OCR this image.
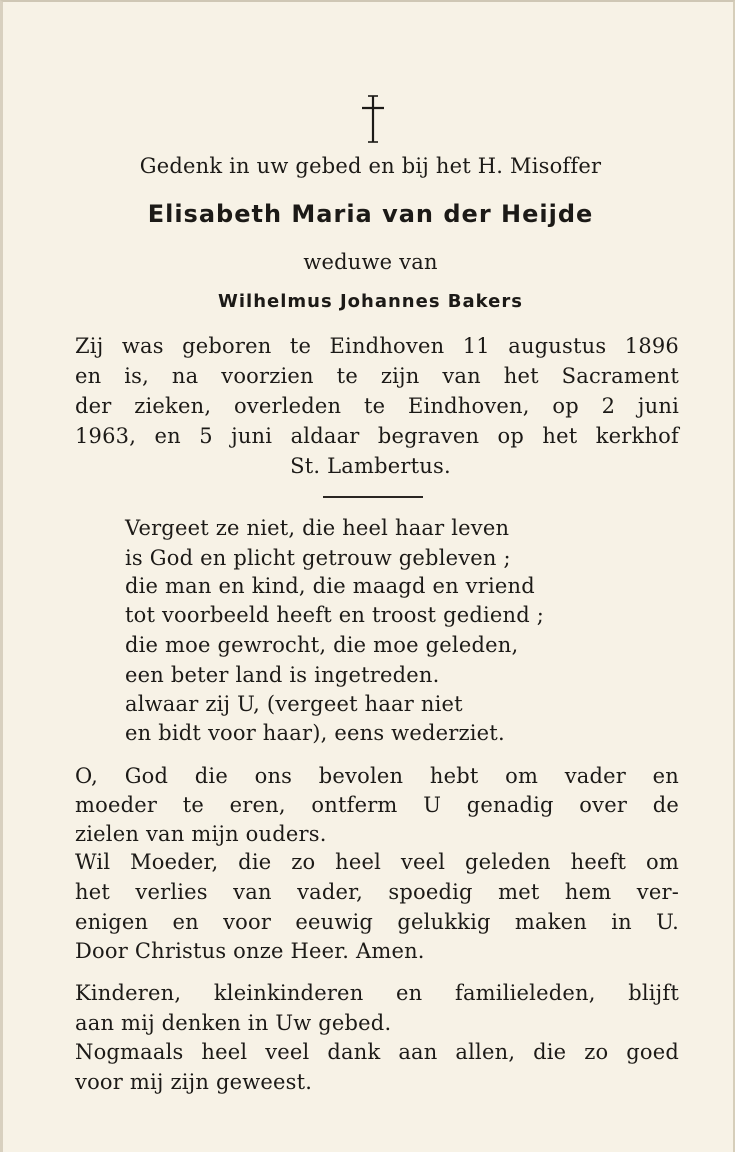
Gedenk in uw gebed en bij het H. Misoffer
Elisabeth Maria van der Heijde
weduwe van
Wilhelmus Johannes Bakers
Zij was geboren te Eindhoven 11 augustus 1896
en is, na voorzien te zijn van het Sacrament
der zieken, overleden te Eindhoven, op 2 juni
1963, en 5 juni aldaar begraven op het kerkhof
St. Lambertus.
Vergeet ze niet, die heel haar leven
is God en plicht getrouw gebleven ;
die man en kind, die maagd en vriend
tot voorbeeld heeft en troost gediend ;
die moe gewrocht, die moe geleden,
een beter land is ingetreden.
alwaar zij U, (vergeet haar niet
en bidt voor haar), eens wederziet.
O, God die ons bevolen hebt om vader en
moeder te eren, ontferm U genadig over de
zielen van mijn ouders.
Wil Moeder, die zo heel veel geleden heeft om
het verlies van vader, spoedig met hem ver-
enigen en voor eeuwig gelukkig maken in U.
Door Christus onze Heer. Amen.
Kinderen, kleinkinderen en familieleden, blijft
aan mij denken in Uw gebed.
Nogmaals heel veel dank aan allen, die zo goed
voor mij zijn geweest.
